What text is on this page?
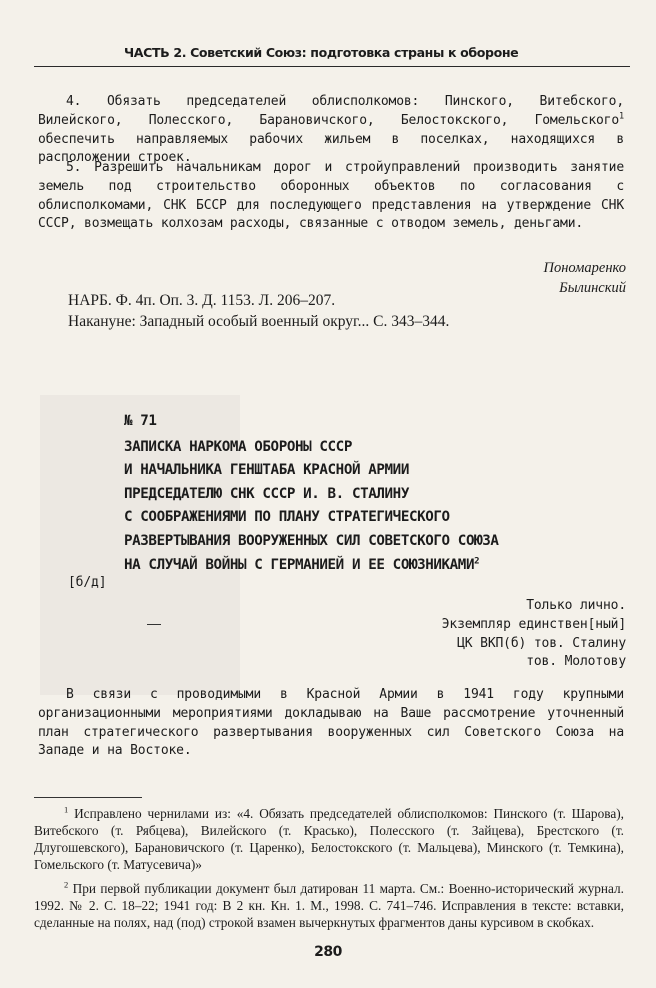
ЧАСТЬ 2. Советский Союз: подготовка страны к обороне

4. Обязать председателей облисполкомов: Пинского, Витебского, Вилейского, Полесского, Барановичского, Белостокского, Гомельского$^1$ обеспечить направляемых рабочих жильем в поселках, находящихся в расположении строек.

5. Разрешить начальникам дорог и стройуправлений производить занятие земель под строительство оборонных объектов по согласования с облисполкомами, СНК БССР для последующего представления на утверждение СНК СССР, возмещать колхозам расходы, связанные с отводом земель, деньгами.

Пономаренко
Былинский
НАРБ. Ф. 4п. Оп. 3. Д. 1153. Л. 206–207.
Накануне: Западный особый военный округ... С. 343–344.
№ 71
ЗАПИСКА НАРКОМА ОБОРОНЫ СССР
И НАЧАЛЬНИКА ГЕНШТАБА КРАСНОЙ АРМИИ
ПРЕДСЕДАТЕЛЮ СНК СССР И. В. СТАЛИНУ
С СООБРАЖЕНИЯМИ ПО ПЛАНУ СТРАТЕГИЧЕСКОГО
РАЗВЕРТЫВАНИЯ ВООРУЖЕННЫХ СИЛ СОВЕТСКОГО СОЮЗА
НА СЛУЧАЙ ВОЙНЫ С ГЕРМАНИЕЙ И ЕЕ СОЮЗНИКАМИ$^2$
[б/д]
Только лично.
Экземпляр единствен[ный]
ЦК ВКП(б) тов. Сталину
тов. Молотову

В связи с проводимыми в Красной Армии в 1941 году крупными организационными мероприятиями докладываю на Ваше рассмотрение уточненный план стратегического развертывания вооруженных сил Советского Союза на Западе и на Востоке.

$^1$ Исправлено чернилами из: «4. Обязать председателей облисполкомов: Пинского (т. Шарова), Витебского (т. Рябцева), Вилейского (т. Красько), Полесского (т. Зайцева), Брестского (т. Длугошевского), Барановичского (т. Царенко), Белостокского (т. Мальцева), Минского (т. Темкина), Гомельского (т. Матусевича)»

$^2$ При первой публикации документ был датирован 11 марта. См.: Военно-исторический журнал. 1992. № 2. С. 18–22; 1941 год: В 2 кн. Кн. 1. М., 1998. С. 741–746. Исправления в тексте: вставки, сделанные на полях, над (под) строкой взамен вычеркнутых фрагментов даны курсивом в скобках.

280
